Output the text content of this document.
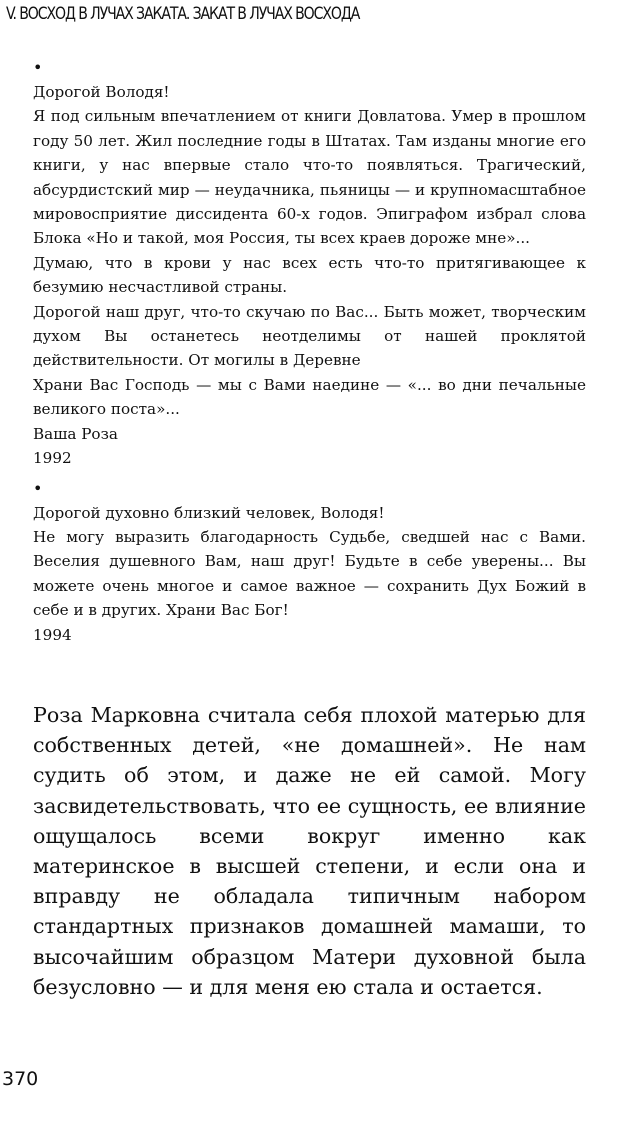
V. ВОСХОД В ЛУЧАХ ЗАКАТА. ЗАКАТ В ЛУЧАХ ВОСХОДА
•

Дорогой Володя!

Я под сильным впечатлением от книги Довлатова. Умер в прошлом году 50 лет. Жил последние годы в Штатах. Там изданы многие его книги, у нас впервые стало что-то появляться. Трагический, абсурдистский мир — неудачника, пьяницы — и крупномасштабное мировосприятие диссидента 60-х годов. Эпиграфом избрал слова Блока «Но и такой, моя Россия, ты всех краев дороже мне»...

Думаю, что в крови у нас всех есть что-то притягивающее к безумию несчастливой страны.

Дорогой наш друг, что-то скучаю по Вас... Быть может, творческим духом Вы останетесь неотделимы от нашей проклятой действительности. От могилы в Деревне

Храни Вас Господь — мы с Вами наедине — «... во дни печальные великого поста»...

Ваша Роза

1992

•

Дорогой духовно близкий человек, Володя!

Не могу выразить благодарность Судьбе, сведшей нас с Вами. Веселия душевного Вам, наш друг! Будьте в себе уверены... Вы можете очень многое и самое важное — сохранить Дух Божий в себе и в других. Храни Вас Бог!

1994

Роза Марковна считала себя плохой матерью для собственных детей, «не домашней». Не нам судить об этом, и даже не ей самой. Могу засвидетельствовать, что ее сущность, ее влияние ощущалось всеми вокруг именно как материнское в высшей степени, и если она и вправду не обладала типичным набором стандартных признаков домашней мамаши, то высочайшим образцом Матери духовной была безусловно — и для меня ею стала и остается.

370
